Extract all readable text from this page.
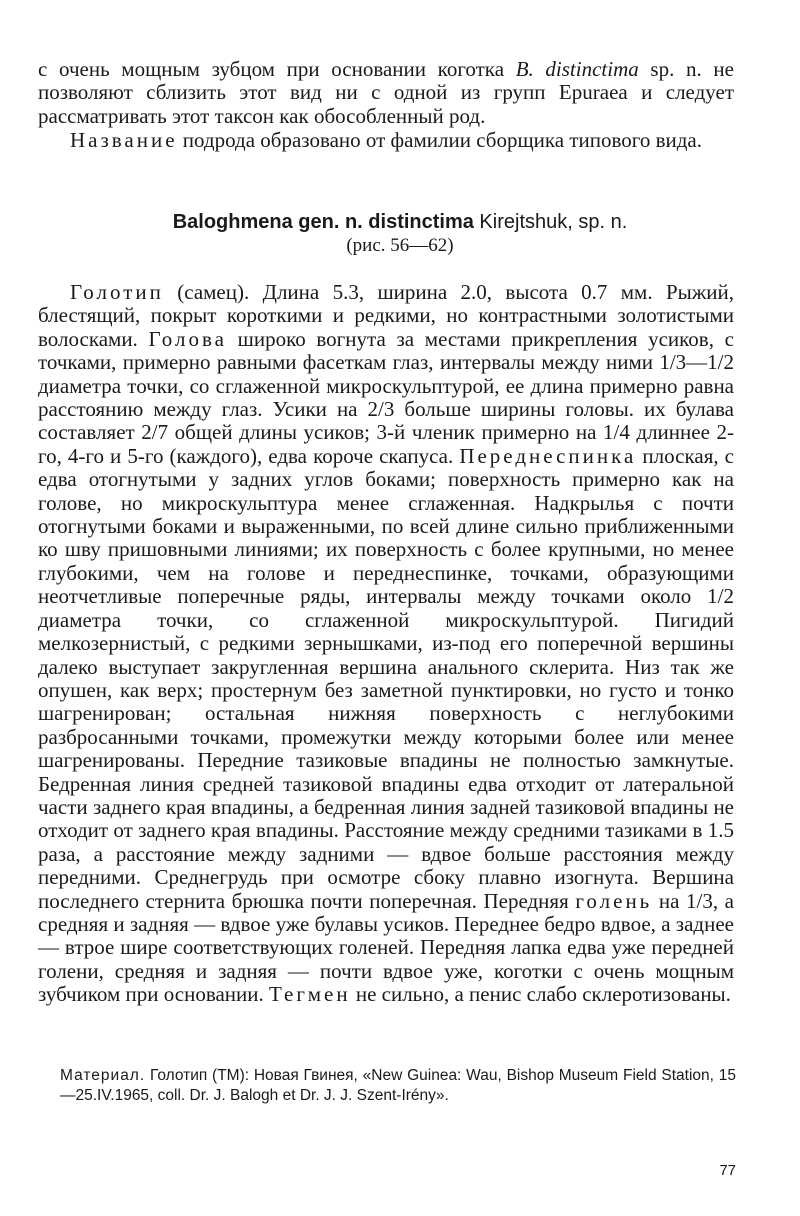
с очень мощным зубцом при основании коготка B. distinctima sp. n. не позволяют сблизить этот вид ни с одной из групп Epuraea и следует рассматривать этот таксон как обособленный род.

Название подрода образовано от фамилии сборщика типового вида.

Baloghmena gen. n. distinctima Kirejtshuk, sp. n.
(рис. 56—62)

Голотип (самец). Длина 5.3, ширина 2.0, высота 0.7 мм. Рыжий, блестящий, покрыт короткими и редкими, но контрастными золотистыми волосками. Голова широко вогнута за местами прикрепления усиков, с точками, примерно равными фасеткам глаз, интервалы между ними 1/3—1/2 диаметра точки, со сглаженной микроскульптурой, ее длина примерно равна расстоянию между глаз. Усики на 2/3 больше ширины головы. их булава составляет 2/7 общей длины усиков; 3-й членик примерно на 1/4 длиннее 2-го, 4-го и 5-го (каждого), едва короче скапуса. Переднеспинка плоская, с едва отогнутыми у задних углов боками; поверхность примерно как на голове, но микроскульптура менее сглаженная. Надкрылья с почти отогнутыми боками и выраженными, по всей длине сильно приближенными ко шву пришовными линиями; их поверхность с более крупными, но менее глубокими, чем на голове и переднеспинке, точками, образующими неотчетливые поперечные ряды, интервалы между точками около 1/2 диаметра точки, со сглаженной микроскульптурой. Пигидий мелкозернистый, с редкими зернышками, из-под его поперечной вершины далеко выступает закругленная вершина анального склерита. Низ так же опушен, как верх; простернум без заметной пунктировки, но густо и тонко шагренирован; остальная нижняя поверхность с неглубокими разбросанными точками, промежутки между которыми более или менее шагренированы. Передние тазиковые впадины не полностью замкнутые. Бедренная линия средней тазиковой впадины едва отходит от латеральной части заднего края впадины, а бедренная линия задней тазиковой впадины не отходит от заднего края впадины. Расстояние между средними тазиками в 1.5 раза, а расстояние между задними — вдвое больше расстояния между передними. Среднегрудь при осмотре сбоку плавно изогнута. Вершина последнего стернита брюшка почти поперечная. Передняя голень на 1/3, а средняя и задняя — вдвое уже булавы усиков. Переднее бедро вдвое, а заднее — втрое шире соответствующих голеней. Передняя лапка едва уже передней голени, средняя и задняя — почти вдвое уже, коготки с очень мощным зубчиком при основании. Тегмен не сильно, а пенис слабо склеротизованы.

Материал. Голотип (ТМ): Новая Гвинея, «New Guinea: Wau, Bishop Museum Field Station, 15—25.IV.1965, coll. Dr. J. Balogh et Dr. J. J. Szent-Irény».
77
